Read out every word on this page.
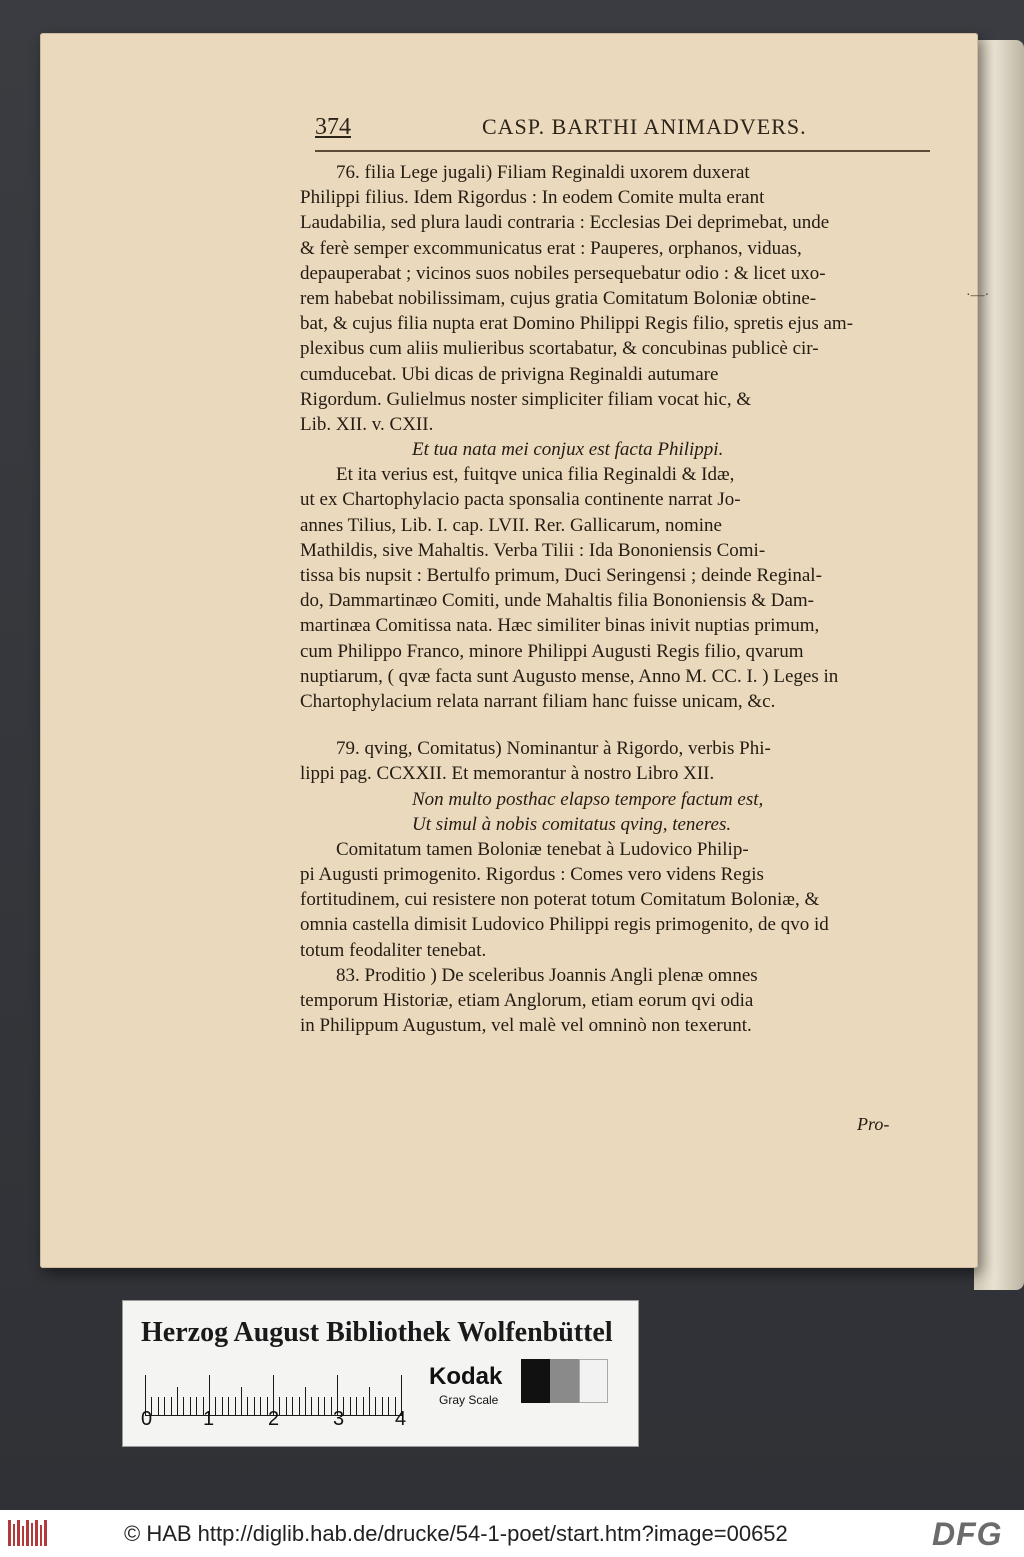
374	CASP. BARTHI ANIMADVERS.
76. filia Lege jugali) Filiam Reginaldi uxorem duxerat
Philippi filius. Idem Rigordus : In eodem Comite multa erant
Laudabilia, sed plura laudi contraria : Ecclesias Dei deprimebat, unde
& ferè semper excommunicatus erat : Pauperes, orphanos, viduas,
depauperabat ; vicinos suos nobiles persequebatur odio : & licet uxo-
rem habebat nobilissimam, cujus gratia Comitatum Boloniæ obtine-
bat, & cujus filia nupta erat Domino Philippi Regis filio, spretis ejus am-
plexibus cum aliis mulieribus scortabatur, & concubinas publicè cir-
cumducebat. Ubi dicas de privigna Reginaldi autumare
Rigordum. Gulielmus noster simpliciter filiam vocat hic, &
Lib. XII. v. CXII.
Et tua nata mei conjux est facta Philippi.
Et ita verius est, fuitqve unica filia Reginaldi & Idæ,
ut ex Chartophylacio pacta sponsalia continente narrat Jo-
annes Tilius, Lib. I. cap. LVII. Rer. Gallicarum, nomine
Mathildis, sive Mahaltis. Verba Tilii : Ida Bononiensis Comi-
tissa bis nupsit : Bertulfo primum, Duci Seringensi ; deinde Reginal-
do, Dammartinæo Comiti, unde Mahaltis filia Bononiensis & Dam-
martinæa Comitissa nata. Hæc similiter binas inivit nuptias primum,
cum Philippo Franco, minore Philippi Augusti Regis filio, qvarum
nuptiarum, ( qvæ facta sunt Augusto mense, Anno M. CC. I. ) Leges in
Chartophylacium relata narrant filiam hanc fuisse unicam, &c.
79. qving, Comitatus) Nominantur à Rigordo, verbis Phi-
lippi pag. CCXXII. Et memorantur à nostro Libro XII.
Non multo posthac elapso tempore factum est,
Ut simul à nobis comitatus qving, teneres.
Comitatum tamen Boloniæ tenebat à Ludovico Philip-
pi Augusti primogenito. Rigordus : Comes vero videns Regis
fortitudinem, cui resistere non poterat totum Comitatum Boloniæ, &
omnia castella dimisit Ludovico Philippi regis primogenito, de qvo id
totum feodaliter tenebat.
83. Proditio ) De sceleribus Joannis Angli plenæ omnes
temporum Historiæ, etiam Anglorum, etiam eorum qvi odia
in Philippum Augustum, vel malè vel omninò non texerunt.
·—·
Pro-
Herzog August Bibliothek Wolfenbüttel
0	1	2	3	4
Kodak
Gray Scale
© HAB http://diglib.hab.de/drucke/54-1-poet/start.htm?image=00652	DFG
